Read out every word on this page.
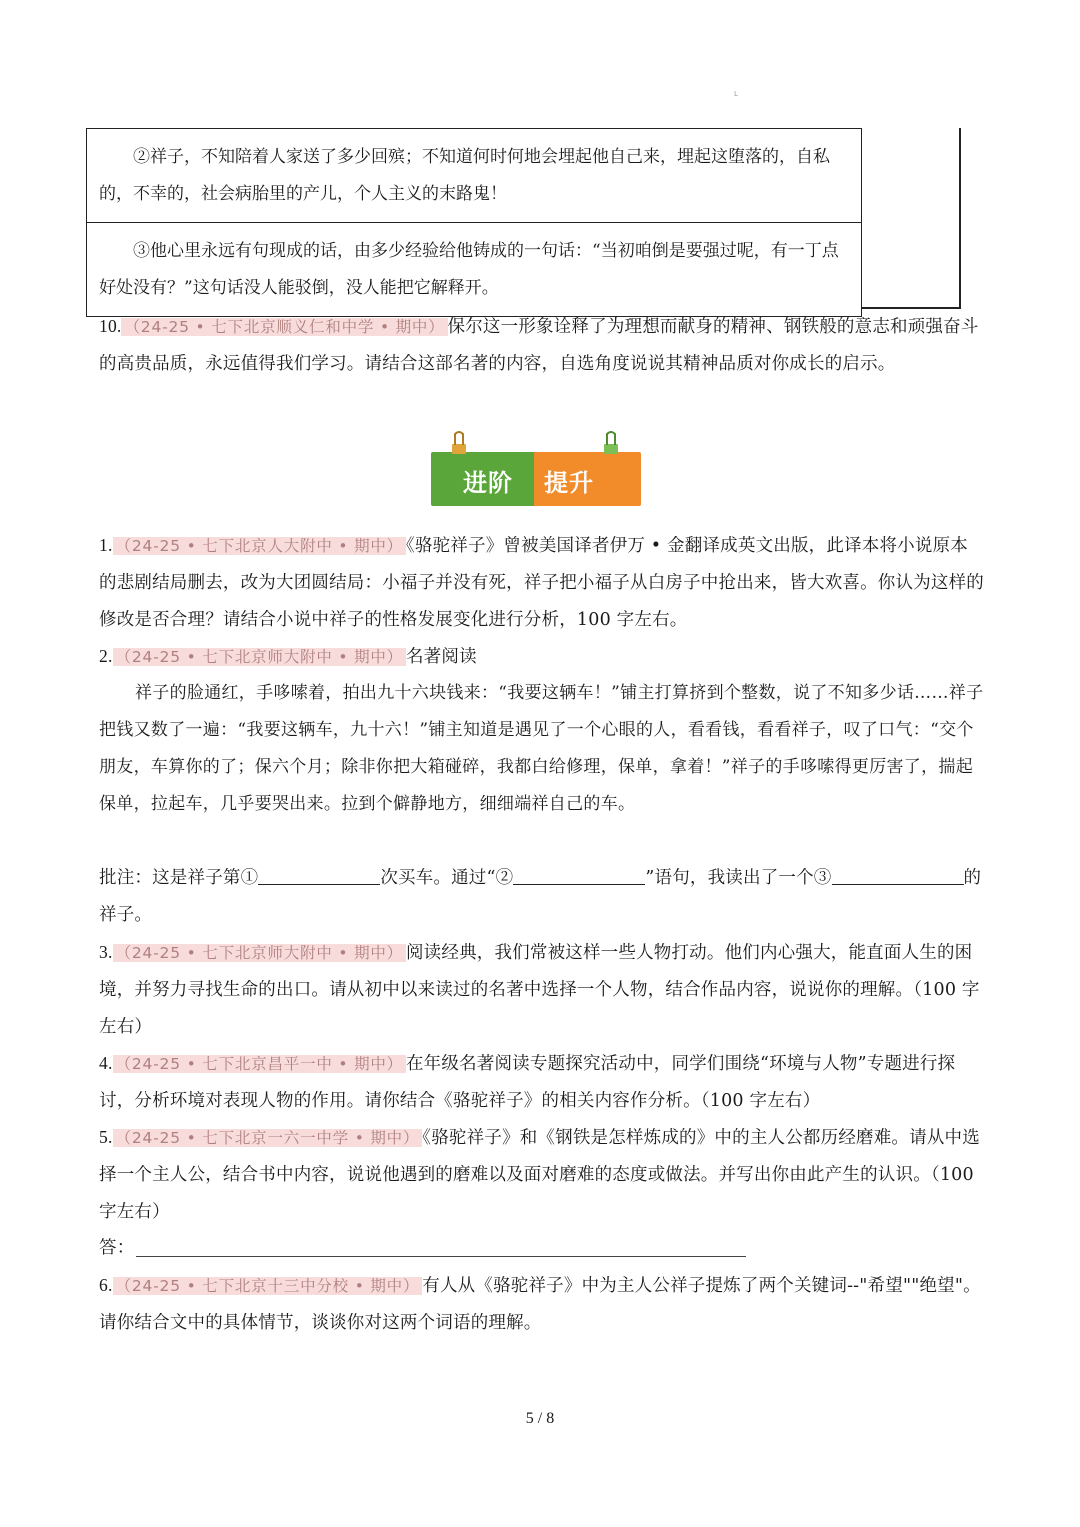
L
②祥子，不知陪着人家送了多少回殡；不知道何时何地会埋起他自己来，埋起这堕落的，自私的，不幸的，社会病胎里的产儿，个人主义的末路鬼！
③他心里永远有句现成的话，由多少经验给他铸成的一句话：“当初咱倒是要强过呢，有一丁点好处没有？”这句话没人能驳倒，没人能把它解释开。
10. （24-25 • 七下北京顺义仁和中学 • 期中） 保尔这一形象诠释了为理想而献身的精神、钢铁般的意志和顽强奋斗的高贵品质，永远值得我们学习。请结合这部名著的内容，自选角度说说其精神品质对你成长的启示。
进阶 提升
1. （24-25 • 七下北京人大附中 • 期中） 《骆驼祥子》曾被美国译者伊万 • 金翻译成英文出版，此译本将小说原本的悲剧结局删去，改为大团圆结局：小福子并没有死，祥子把小福子从白房子中抢出来，皆大欢喜。你认为这样的修改是否合理？请结合小说中祥子的性格发展变化进行分析，100 字左右。
2. （24-25 • 七下北京师大附中 • 期中） 名著阅读
祥子的脸通红，手哆嗦着，拍出九十六块钱来：“我要这辆车！”铺主打算挤到个整数，说了不知多少话……祥子把钱又数了一遍：“我要这辆车，九十六！”铺主知道是遇见了一个心眼的人，看看钱，看看祥子，叹了口气：“交个朋友，车算你的了；保六个月；除非你把大箱碰碎，我都白给修理，保单，拿着！”祥子的手哆嗦得更厉害了，揣起保单，拉起车，几乎要哭出来。拉到个僻静地方，细细端祥自己的车。
批注：这是祥子第①	次买车。通过“②	”语句，我读出了一个③	的祥子。
3. （24-25 • 七下北京师大附中 • 期中） 阅读经典，我们常被这样一些人物打动。他们内心强大，能直面人生的困境，并努力寻找生命的出口。请从初中以来读过的名著中选择一个人物，结合作品内容，说说你的理解。（100 字左右）
4. （24-25 • 七下北京昌平一中 • 期中） 在年级名著阅读专题探究活动中，同学们围绕“环境与人物”专题进行探讨，分析环境对表现人物的作用。请你结合《骆驼祥子》的相关内容作分析。（100 字左右）
5. （24-25 • 七下北京一六一中学 • 期中） 《骆驼祥子》和《钢铁是怎样炼成的》中的主人公都历经磨难。请从中选择一个主人公，结合书中内容，说说他遇到的磨难以及面对磨难的态度或做法。并写出你由此产生的认识。（100 字左右）
答：
6. （24-25 • 七下北京十三中分校 • 期中） 有人从《骆驼祥子》中为主人公祥子提炼了两个关键词--"希望""绝望"。请你结合文中的具体情节，谈谈你对这两个词语的理解。
5 / 8
